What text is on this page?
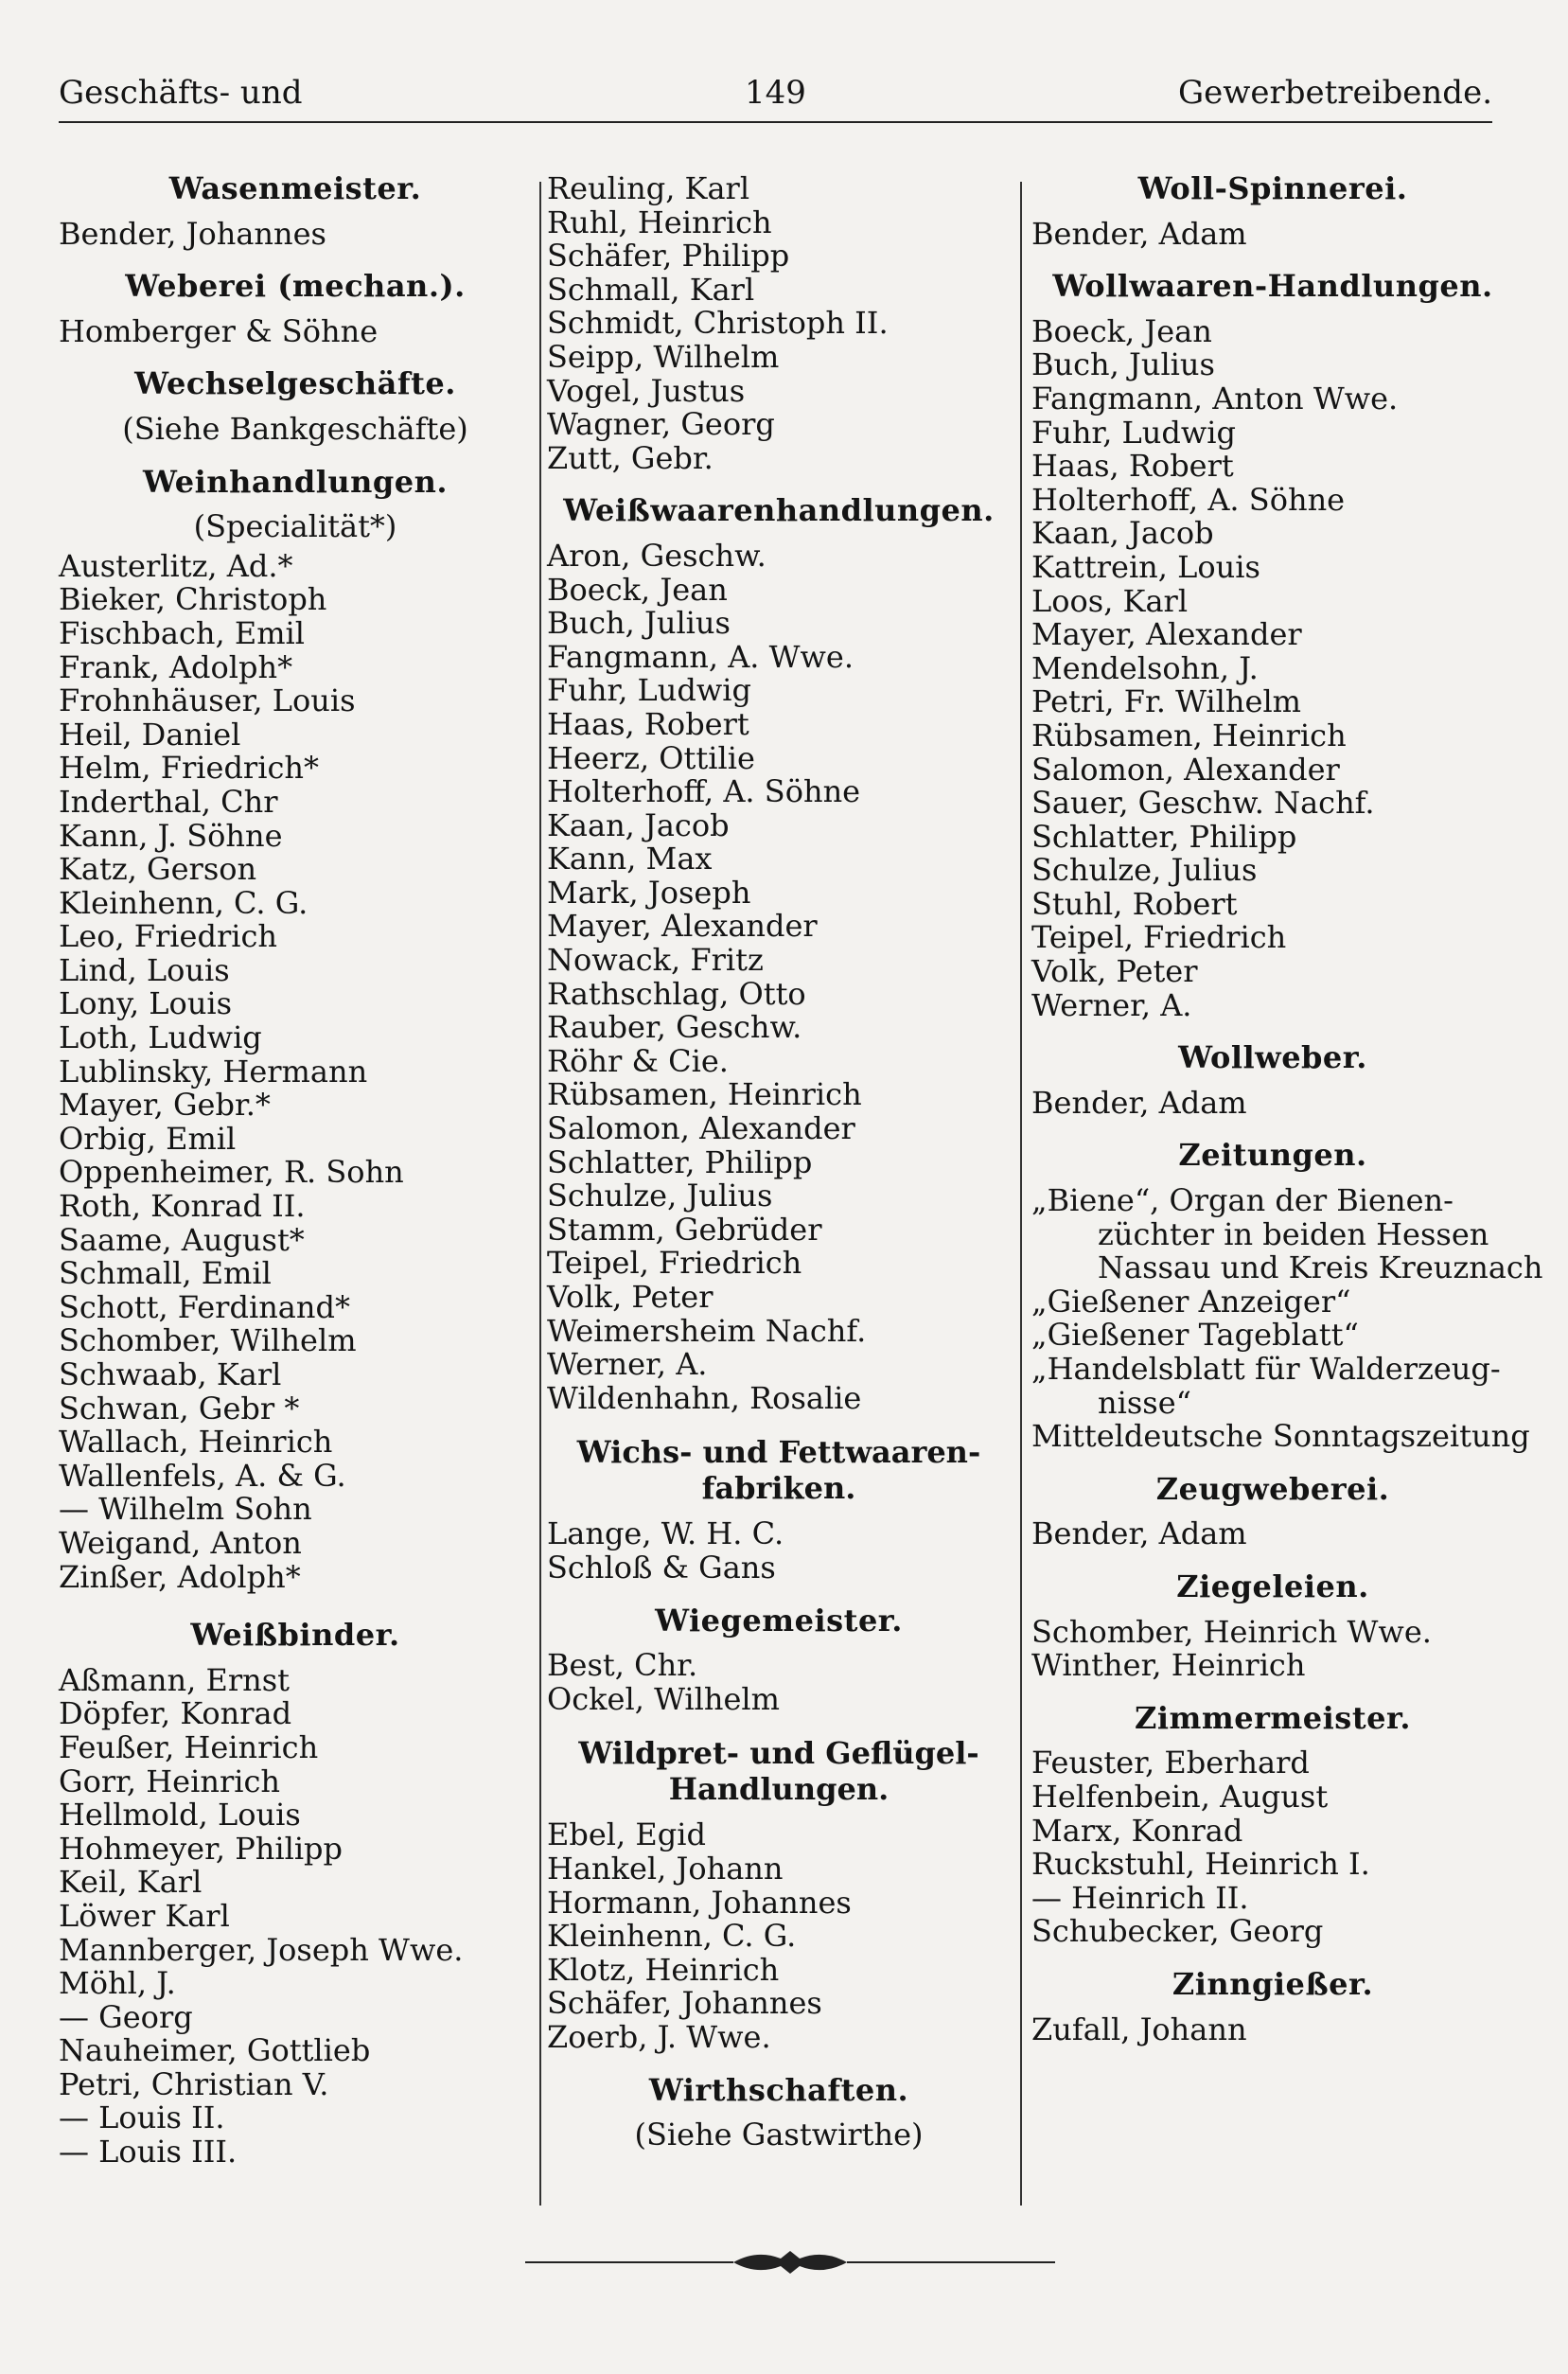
Geschäfts- und	149	Gewerbetreibende.
Wasenmeister.
Bender, Johannes
Weberei (mechan.).
Homberger & Söhne
Wechselgeschäfte.
(Siehe Bankgeschäfte)
Weinhandlungen.
(Specialität*)
Austerlitz, Ad.*
Bieker, Christoph
Fischbach, Emil
Frank, Adolph*
Frohnhäuser, Louis
Heil, Daniel
Helm, Friedrich*
Inderthal, Chr
Kann, J. Söhne
Katz, Gerson
Kleinhenn, C. G.
Leo, Friedrich
Lind, Louis
Lony, Louis
Loth, Ludwig
Lublinsky, Hermann
Mayer, Gebr.*
Orbig, Emil
Oppenheimer, R. Sohn
Roth, Konrad II.
Saame, August*
Schmall, Emil
Schott, Ferdinand*
Schomber, Wilhelm
Schwaab, Karl
Schwan, Gebr *
Wallach, Heinrich
Wallenfels, A. & G.
— Wilhelm Sohn
Weigand, Anton
Zinßer, Adolph*
Weißbinder.
Aßmann, Ernst
Döpfer, Konrad
Feußer, Heinrich
Gorr, Heinrich
Hellmold, Louis
Hohmeyer, Philipp
Keil, Karl
Löwer Karl
Mannberger, Joseph Wwe.
Möhl, J.
— Georg
Nauheimer, Gottlieb
Petri, Christian V.
— Louis II.
— Louis III.
Reuling, Karl
Ruhl, Heinrich
Schäfer, Philipp
Schmall, Karl
Schmidt, Christoph II.
Seipp, Wilhelm
Vogel, Justus
Wagner, Georg
Zutt, Gebr.
Weißwaarenhandlungen.
Aron, Geschw.
Boeck, Jean
Buch, Julius
Fangmann, A. Wwe.
Fuhr, Ludwig
Haas, Robert
Heerz, Ottilie
Holterhoff, A. Söhne
Kaan, Jacob
Kann, Max
Mark, Joseph
Mayer, Alexander
Nowack, Fritz
Rathschlag, Otto
Rauber, Geschw.
Röhr & Cie.
Rübsamen, Heinrich
Salomon, Alexander
Schlatter, Philipp
Schulze, Julius
Stamm, Gebrüder
Teipel, Friedrich
Volk, Peter
Weimersheim Nachf.
Werner, A.
Wildenhahn, Rosalie
Wichs- und Fettwaaren-
fabriken.
Lange, W. H. C.
Schloß & Gans
Wiegemeister.
Best, Chr.
Ockel, Wilhelm
Wildpret- und Geflügel-
Handlungen.
Ebel, Egid
Hankel, Johann
Hormann, Johannes
Kleinhenn, C. G.
Klotz, Heinrich
Schäfer, Johannes
Zoerb, J. Wwe.
Wirthschaften.
(Siehe Gastwirthe)
Woll-Spinnerei.
Bender, Adam
Wollwaaren-Handlungen.
Boeck, Jean
Buch, Julius
Fangmann, Anton Wwe.
Fuhr, Ludwig
Haas, Robert
Holterhoff, A. Söhne
Kaan, Jacob
Kattrein, Louis
Loos, Karl
Mayer, Alexander
Mendelsohn, J.
Petri, Fr. Wilhelm
Rübsamen, Heinrich
Salomon, Alexander
Sauer, Geschw. Nachf.
Schlatter, Philipp
Schulze, Julius
Stuhl, Robert
Teipel, Friedrich
Volk, Peter
Werner, A.
Wollweber.
Bender, Adam
Zeitungen.
„Biene“, Organ der Bienen-
züchter in beiden Hessen
Nassau und Kreis Kreuznach
„Gießener Anzeiger“
„Gießener Tageblatt“
„Handelsblatt für Walderzeug-
nisse“
Mitteldeutsche Sonntagszeitung
Zeugweberei.
Bender, Adam
Ziegeleien.
Schomber, Heinrich Wwe.
Winther, Heinrich
Zimmermeister.
Feuster, Eberhard
Helfenbein, August
Marx, Konrad
Ruckstuhl, Heinrich I.
— Heinrich II.
Schubecker, Georg
Zinngießer.
Zufall, Johann
